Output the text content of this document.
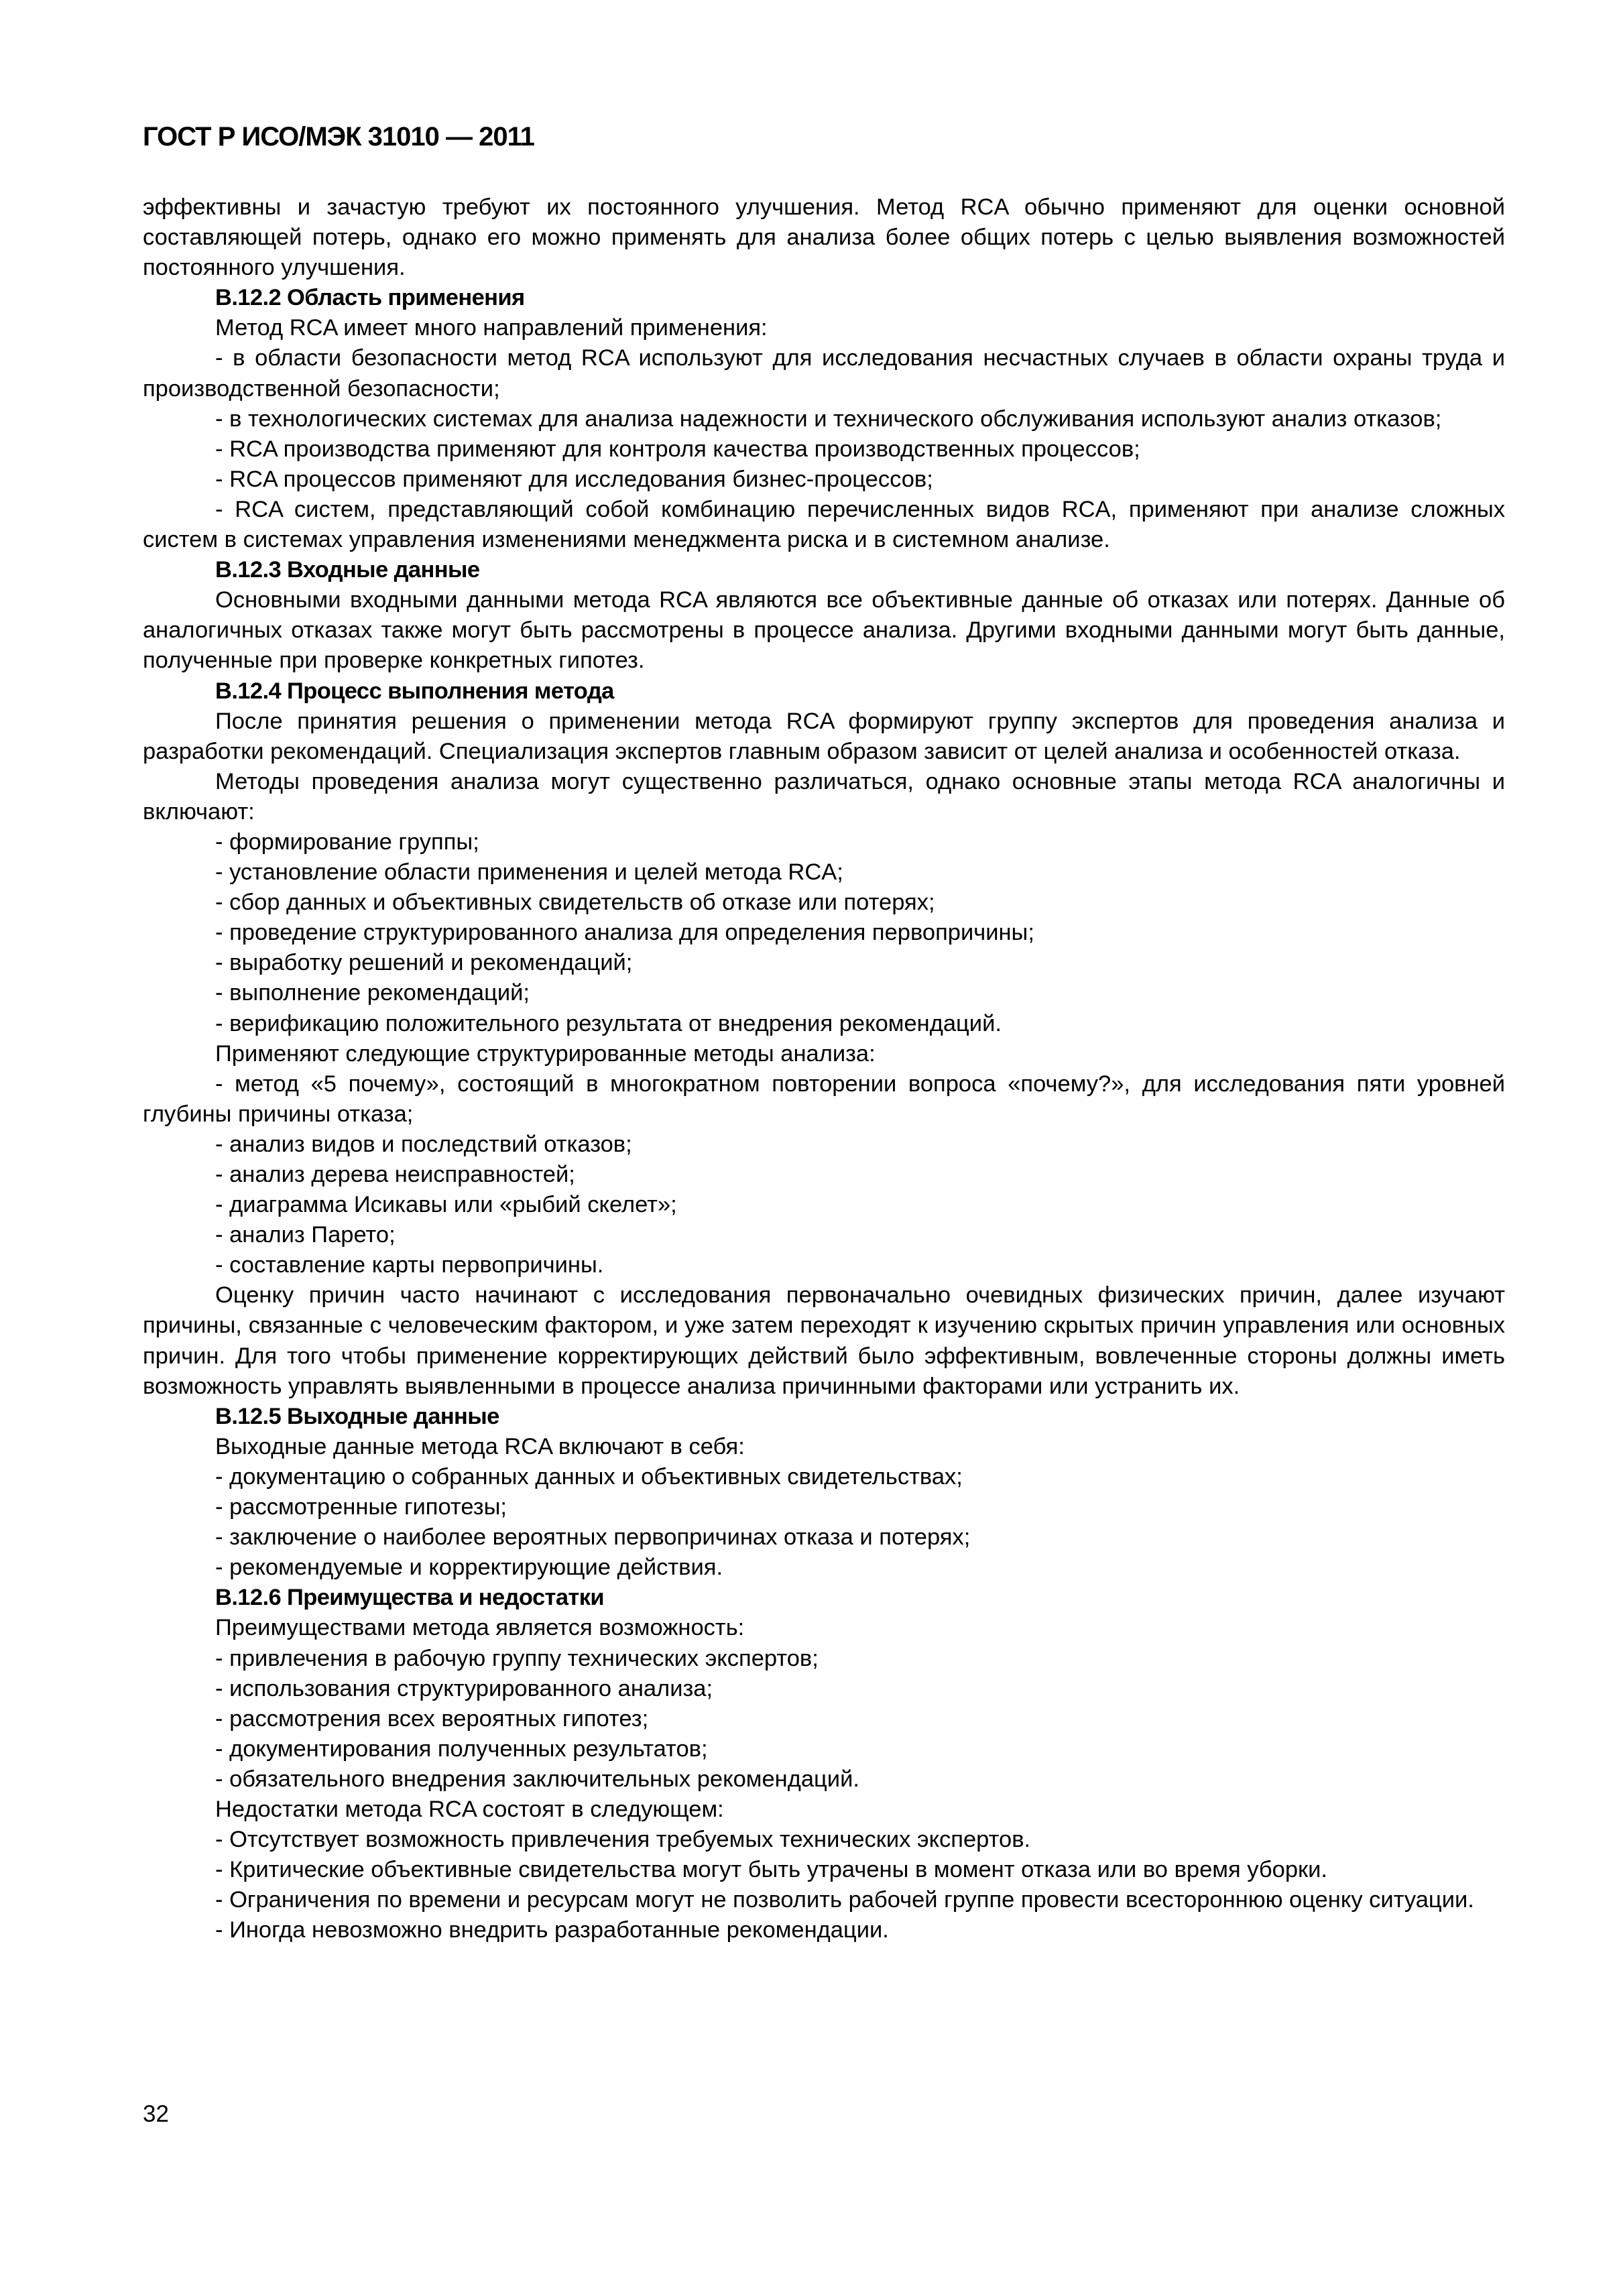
ГОСТ Р ИСО/МЭК 31010 — 2011

эффективны и зачастую требуют их постоянного улучшения. Метод RCA обычно применяют для оценки основной составляющей потерь, однако его можно применять для анализа более общих потерь с целью выявления возможностей постоянного улучшения.

В.12.2 Область применения

Метод RCA имеет много направлений применения:

- в области безопасности метод RCA используют для исследования несчастных случаев в области охраны труда и производственной безопасности;

- в технологических системах для анализа надежности и технического обслуживания используют анализ отказов;

- RCA производства применяют для контроля качества производственных процессов;

- RCA процессов применяют для исследования бизнес-процессов;

- RCA систем, представляющий собой комбинацию перечисленных видов RCA, применяют при анализе сложных систем в системах управления изменениями менеджмента риска и в системном анализе.

В.12.3 Входные данные

Основными входными данными метода RCA являются все объективные данные об отказах или потерях. Данные об аналогичных отказах также могут быть рассмотрены в процессе анализа. Другими входными данными могут быть данные, полученные при проверке конкретных гипотез.

В.12.4 Процесс выполнения метода

После принятия решения о применении метода RCA формируют группу экспертов для проведения анализа и разработки рекомендаций. Специализация экспертов главным образом зависит от целей анализа и особенностей отказа.

Методы проведения анализа могут существенно различаться, однако основные этапы метода RCA аналогичны и включают:

- формирование группы;

- установление области применения и целей метода RCA;

- сбор данных и объективных свидетельств об отказе или потерях;

- проведение структурированного анализа для определения первопричины;

- выработку решений и рекомендаций;

- выполнение рекомендаций;

- верификацию положительного результата от внедрения рекомендаций.

Применяют следующие структурированные методы анализа:

- метод «5 почему», состоящий в многократном повторении вопроса «почему?», для исследования пяти уровней глубины причины отказа;

- анализ видов и последствий отказов;

- анализ дерева неисправностей;

- диаграмма Исикавы или «рыбий скелет»;

- анализ Парето;

- составление карты первопричины.

Оценку причин часто начинают с исследования первоначально очевидных физических причин, далее изучают причины, связанные с человеческим фактором, и уже затем переходят к изучению скрытых причин управления или основных причин. Для того чтобы применение корректирующих действий было эффективным, вовлеченные стороны должны иметь возможность управлять выявленными в процессе анализа причинными факторами или устранить их.

В.12.5 Выходные данные

Выходные данные метода RCA включают в себя:

- документацию о собранных данных и объективных свидетельствах;

- рассмотренные гипотезы;

- заключение о наиболее вероятных первопричинах отказа и потерях;

- рекомендуемые и корректирующие действия.

В.12.6 Преимущества и недостатки

Преимуществами метода является возможность:

- привлечения в рабочую группу технических экспертов;

- использования структурированного анализа;

- рассмотрения всех вероятных гипотез;

- документирования полученных результатов;

- обязательного внедрения заключительных рекомендаций.

Недостатки метода RCA состоят в следующем:

- Отсутствует возможность привлечения требуемых технических экспертов.

- Критические объективные свидетельства могут быть утрачены в момент отказа или во время уборки.

- Ограничения по времени и ресурсам могут не позволить рабочей группе провести всестороннюю оценку ситуации.

- Иногда невозможно внедрить разработанные рекомендации.

32
